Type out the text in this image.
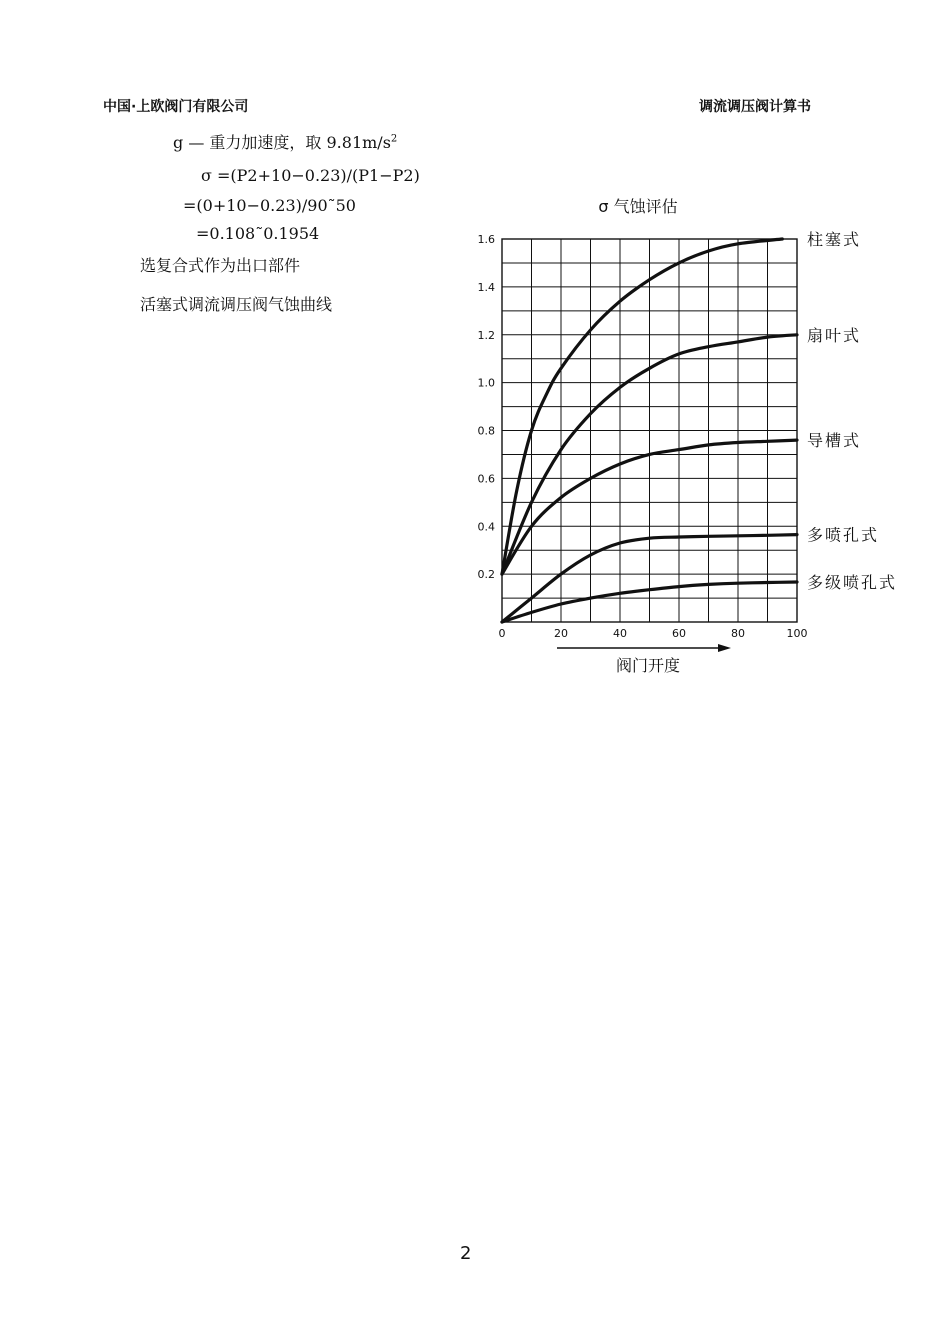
中国·上欧阀门有限公司	调流调压阀计算书
g — 重力加速度，取 $9.81m/s^2$
σ =(P2+10−0.23)/(P1−P2)
=(0+10−0.23)/90˜50
=0.108˜0.1954
选复合式作为出口部件
活塞式调流调压阀气蚀曲线
σ 气蚀评估
0	20	40	60	80	100
0.2
0.4
0.6
0.8
1.0
1.2
1.4
1.6	柱塞式
扇叶式
导槽式
多喷孔式
多级喷孔式
阀门开度
2
